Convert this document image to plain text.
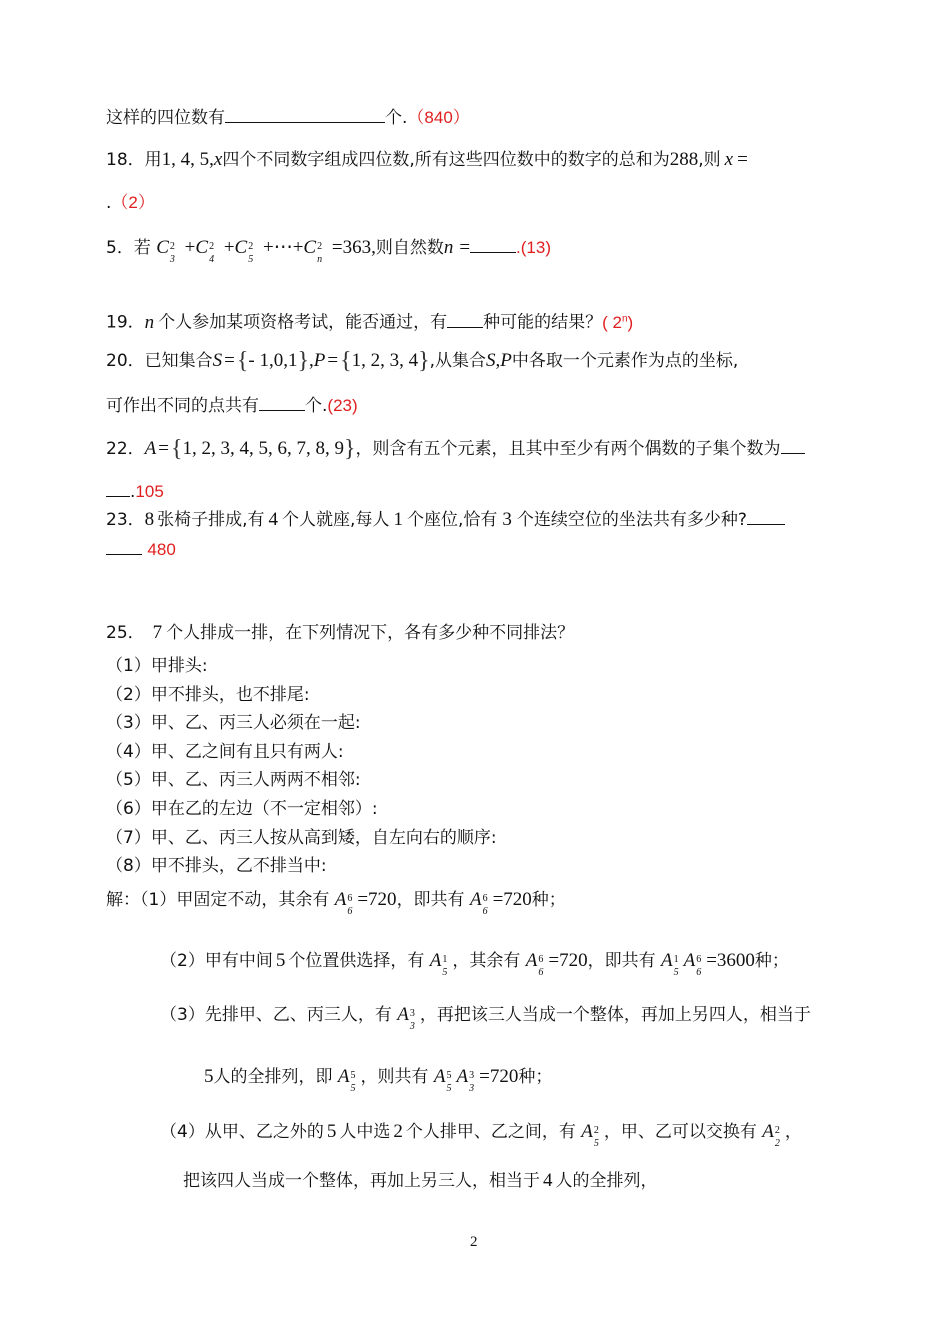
这样的四位数有	个.（840）
18．用1, 4, 5,x四个不同数字组成四位数,所有这些四位数中的数字的总和为288,则 x =
.（2）
5．若 C 2
3
+C 2
4
+C 2
5
+⋯+C 2
n
=363,则自然数n =	.(13)
19．n 个人参加某项资格考试，能否通过，有 种可能的结果？( 2$^n$)
20．已知集合S ={- 1,0,1},P ={1, 2, 3, 4},从集合S,P中各取一个元素作为点的坐标,
可作出不同的点共有	个.(23)
22．A ={1, 2, 3, 4, 5, 6, 7, 8, 9}，则含有五个元素，且其中至少有两个偶数的子集个数为
.105
23．8 张椅子排成,有 4 个人就座,每人 1 个座位,恰有 3 个连续空位的坐法共有多少种?
480
25． 7 个人排成一排，在下列情况下，各有多少种不同排法？
（1）甲排头:
（2）甲不排头，也不排尾:
（3）甲、乙、丙三人必须在一起:
（4）甲、乙之间有且只有两人:
（5）甲、乙、丙三人两两不相邻:
（6）甲在乙的左边（不一定相邻）:
（7）甲、乙、丙三人按从高到矮，自左向右的顺序:
（8）甲不排头，乙不排当中:
解：（1）甲固定不动，其余有 A 6
6
=720，即共有 A 6
6
=720种；
（2）甲有中间 5 个位置供选择，有 A 1
5
，其余有 A 6
6
=720，即共有 A 1
5
A 6
6
=3600种；
（3）先排甲、乙、丙三人，有 A 3
3
，再把该三人当成一个整体，再加上另四人，相当于
5人的全排列，即 A 5
5
，则共有 A 5
5
A 3
3
=720种；
（4）从甲、乙之外的 5 人中选 2 个人排甲、乙之间，有 A 2
5
，甲、乙可以交换有 A 2
2
，
把该四人当成一个整体，再加上另三人，相当于 4 人的全排列，
2
